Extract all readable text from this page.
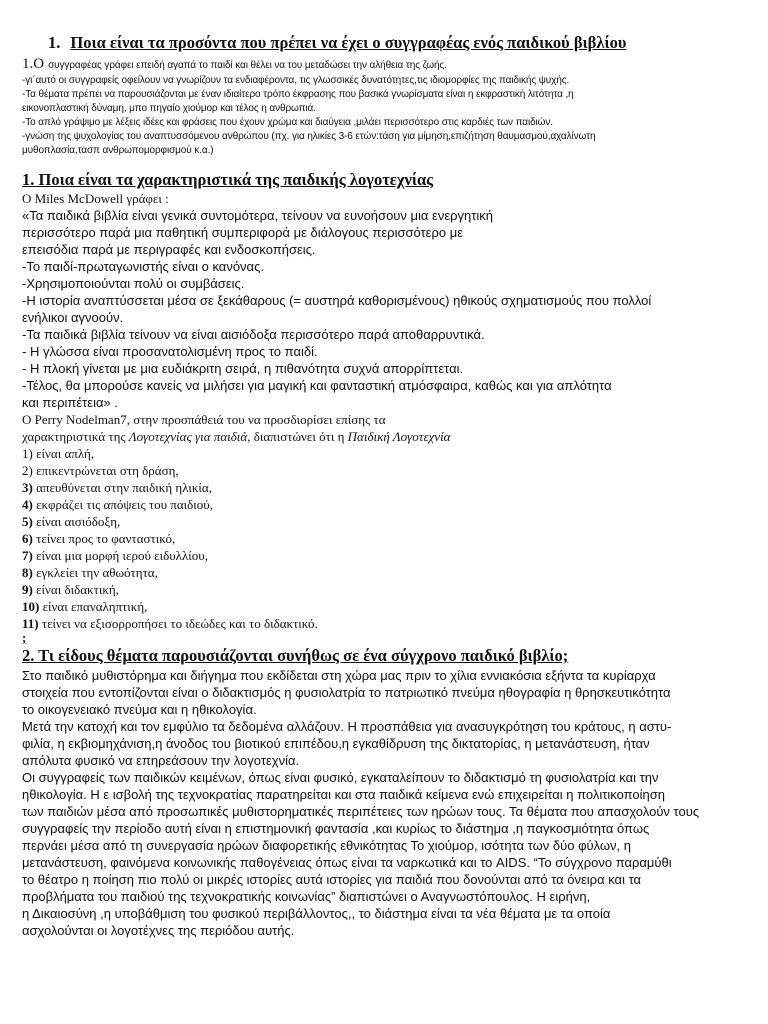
1. Ποια είναι τα προσόντα που πρέπει να έχει ο συγγραφέας ενός παιδικού βιβλίου
1.Ο συγγραφέας γράφει επειδή αγαπά το παιδί και θέλει να του μεταδώσει την αλήθεια της ζωής.
-γι΄αυτό οι συγγραφείς οφείλουν να γνωρίζουν τα ενδιαφέροντα, τις γλωσσικές δυνατότητες,τις ιδιομορφίες της παιδικής ψυχής.
-Τα θέματα πρέπει να παρουσιάζονται με έναν ιδιαίτερο τρόπο έκφρασης που βασικά γνωρίσματα είναι η εκφραστική λιτότητα ,η
εικονοπλαστική δύναμη, μπο πηγαίο χιούμορ και τέλος η ανθρωπιά.
-Το απλό γράψιμο με λέξεις ιδέες και φράσεις που έχουν χρώμα και διαύγεια ,μιλάει περισσότερο στις καρδιές των παιδιών.
-γνώση της ψυχολογίας του αναπτυσσόμενου ανθρώπου (πχ. για ηλικίες 3-6 ετών:τάση για μίμηση,επιζήτηση θαυμασμού,αχαλίνωτη
μυθοπλασία,τασπ ανθρωπομορφισμού κ.α.)
1. Ποια είναι τα χαρακτηριστικά της παιδικής λογοτεχνίας
Ο Miles McDowell γράφει :
«Τα παιδικά βιβλία είναι γενικά συντομότερα, τείνουν να ευνοήσουν μια ενεργητική
περισσότερο παρά μια παθητική συμπεριφορά με διάλογους περισσότερο με
επεισόδια παρά με περιγραφές και ενδοσκοπήσεις.
-Το παιδί-πρωταγωνιστής είναι ο κανόνας.
-Χρησιμοποιούνται πολύ οι συμβάσεις.
-Η ιστορία αναπτύσσεται μέσα σε ξεκάθαρους (= αυστηρά καθορισμένους) ηθικούς σχηματισμούς που πολλοί
ενήλικοι αγνοούν.
-Τα παιδικά βιβλία τείνουν να είναι αισιόδοξα περισσότερο παρά αποθαρρυντικά.
- Η γλώσσα είναι προσανατολισμένη προς το παιδί.
- Η πλοκή γίνεται με μια ευδιάκριτη σειρά, η πιθανότητα συχνά απορρίπτεται.
-Τέλος, θα μπορούσε κανείς να μιλήσει για μαγική και φανταστική ατμόσφαιρα, καθώς και για απλότητα
και περιπέτεια» .
Ο Perry Nodelman7, στην προσπάθειά του να προσδιορίσει επίσης τα
χαρακτηριστικά της Λογοτεχνίας για παιδιά, διαπιστώνει ότι η Παιδική Λογοτεχνία
1) είναι απλή,
2) επικεντρώνεται στη δράση,
3) απευθύνεται στην παιδική ηλικία,
4) εκφράζει τις απόψεις του παιδιού,
5) είναι αισιόδοξη,
6) τείνει προς το φανταστικό,
7) είναι μια μορφή ιερού ειδυλλίου,
8) εγκλείει την αθωότητα,
9) είναι διδακτική,
10) είναι επαναληπτική,
11) τείνει να εξισορροπήσει το ιδεώδες και το διδακτικό.
;
2. Τι είδους θέματα παρουσιάζονται συνήθως σε ένα σύγχρονο παιδικό βιβλίο;
Στο παιδικό μυθιστόρημα και διήγημα που εκδίδεται στη χώρα μας πριν το χίλια εννιακόσια εξήντα τα κυρίαρχα
στοιχεία που εντοπίζονται είναι ο διδακτισμός η φυσιολατρία το πατριωτικό πνεύμα ηθογραφία η θρησκευτικότητα
το οικογενειακό πνεύμα και η ηθικολογία.
Μετά την κατοχή και τον εμφύλιο τα δεδομένα αλλάζουν. Η προσπάθεια για ανασυγκρότηση του κράτους, η αστυ-
φιλία, η εκβιομηχάνιση,η άνοδος του βιοτικού επιπέδου,η εγκαθίδρυση της δικτατορίας, η μετανάστευση, ήταν
απόλυτα φυσικό να επηρεάσουν την λογοτεχνία.
Οι συγγραφείς των παιδικών κειμένων, όπως είναι φυσικό, εγκαταλείπουν το διδακτισμό τη φυσιολατρία και την
ηθικολογία. Η ε ισβολή της τεχνοκρατίας παρατηρείται και στα παιδικά κείμενα ενώ επιχειρείται η πολιτικοποίηση
των παιδιών μέσα από προσωπικές μυθιστορηματικές περιπέτειες των ηρώων τους. Τα θέματα που απασχολούν τους
συγγραφείς την περίοδο αυτή είναι η επιστημονική φαντασία ,και κυρίως το διάστημα ,η παγκοσμιότητα όπως
περνάει μέσα από τη συνεργασία ηρώων διαφορετικής εθνικότητας Το χιούμορ, ισότητα των δύο φύλων, η
μετανάστευση, φαινόμενα κοινωνικής παθογένειας όπως είναι τα ναρκωτικά και το AIDS. “Το σύγχρονο παραμύθι
το θέατρο η ποίηση πιο πολύ οι μικρές ιστορίες αυτά ιστορίες για παιδιά που δονούνται από τα όνειρα και τα
προβλήματα του παιδιού της τεχνοκρατικής κοινωνίας” διαπιστώνει ο Αναγνωστόπουλος. Η ειρήνη,
η Δικαιοσύνη ,η υποβάθμιση του φυσικού περιβάλλοντος,, το διάστημα είναι τα νέα θέματα με τα οποία
ασχολούνται οι λογοτέχνες της περιόδου αυτής.
